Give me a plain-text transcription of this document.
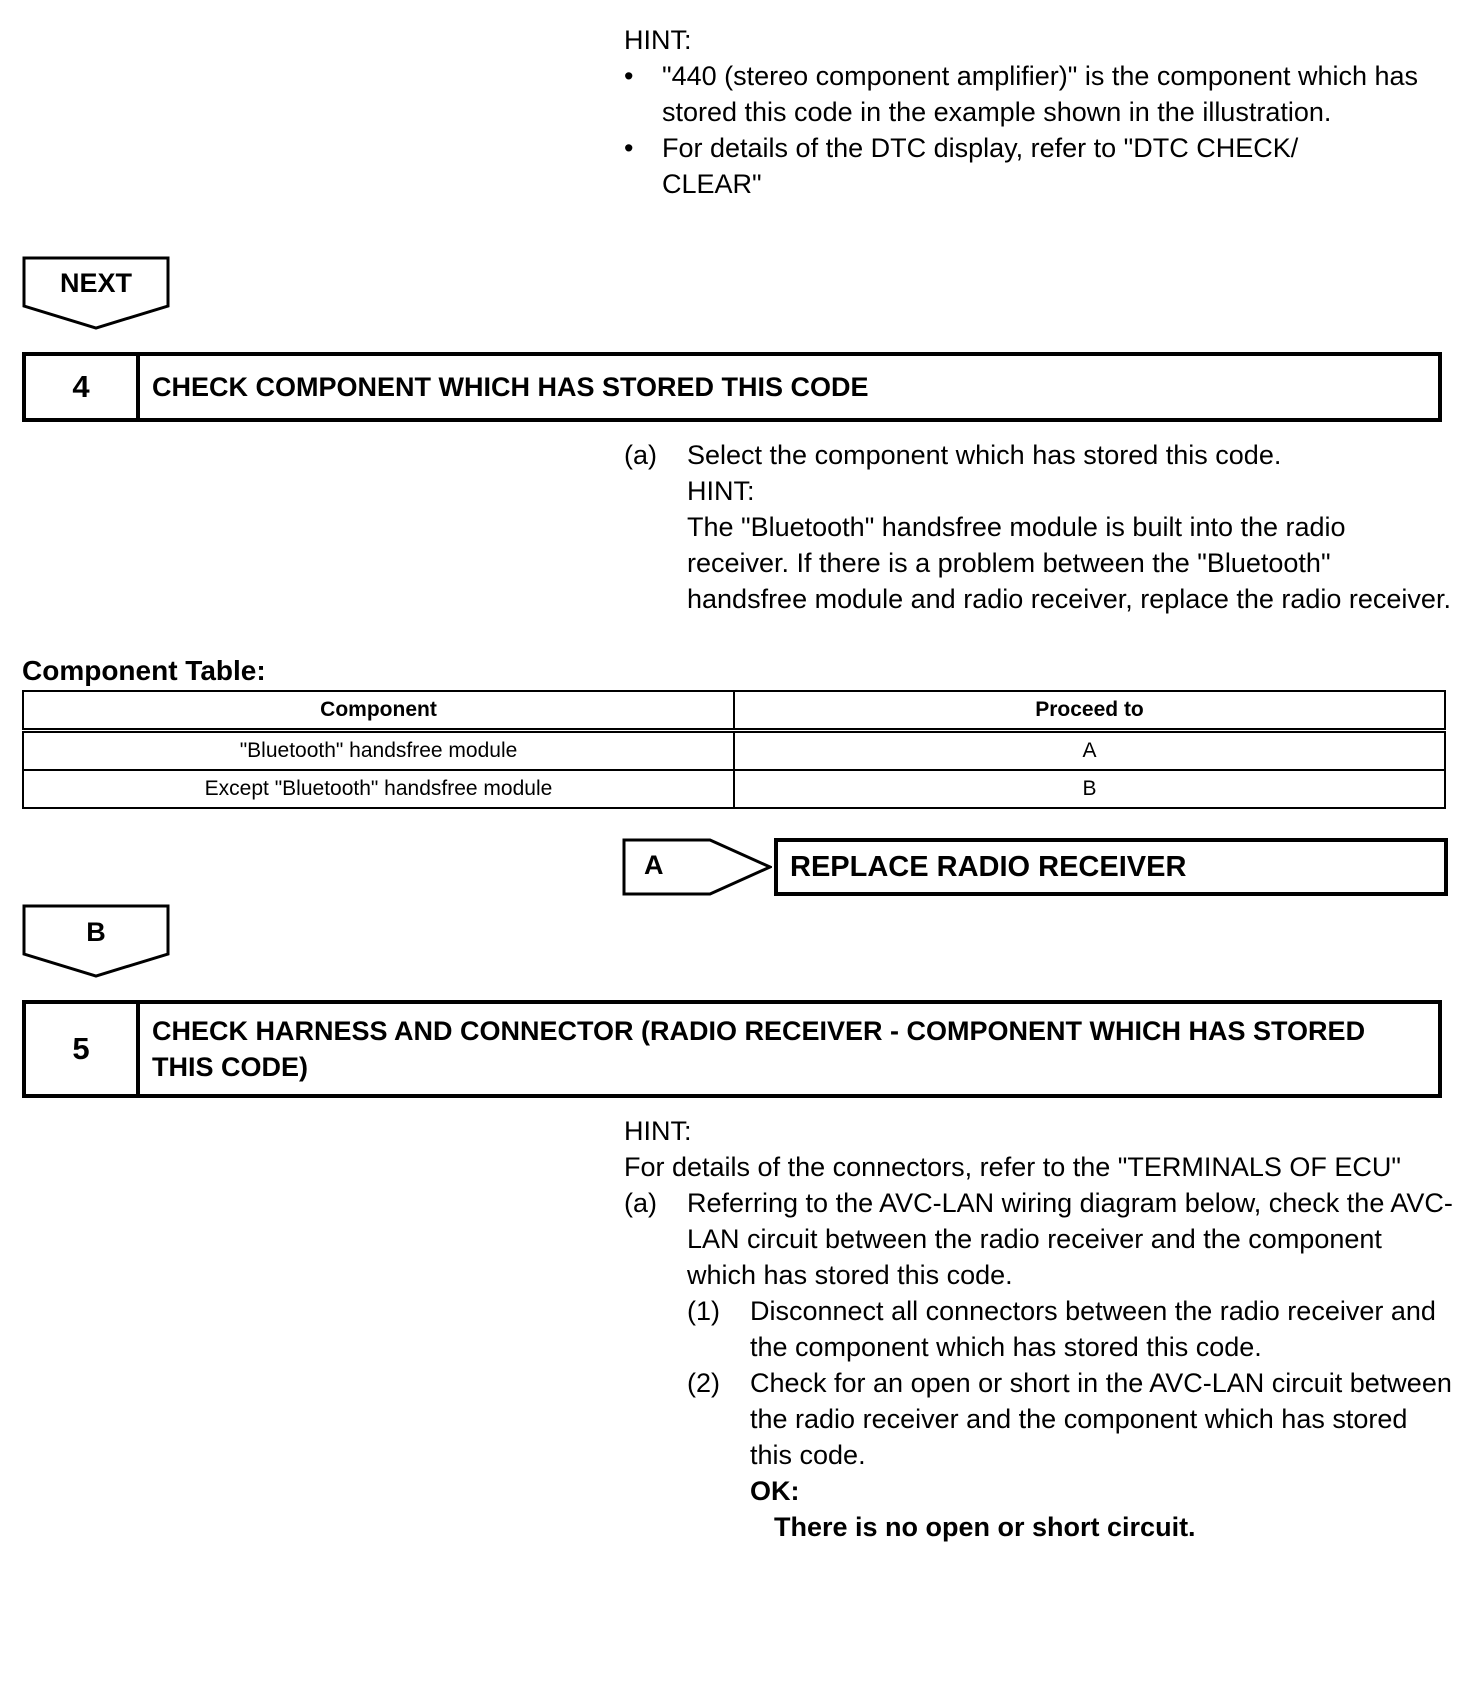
HINT:
•	"440 (stereo component amplifier)" is the component which has stored this code in the example shown in the illustration.
•	For details of the DTC display, refer to "DTC CHECK/ CLEAR"
NEXT
4	CHECK COMPONENT WHICH HAS STORED THIS CODE
(a)	Select the component which has stored this code.
HINT:
The "Bluetooth" handsfree module is built into the radio receiver. If there is a problem between the "Bluetooth" handsfree module and radio receiver, replace the radio receiver.
Component Table:
Component	Proceed to
"Bluetooth" handsfree module	A
Except "Bluetooth" handsfree module	B
A	REPLACE RADIO RECEIVER
B
5	CHECK HARNESS AND CONNECTOR (RADIO RECEIVER - COMPONENT WHICH HAS STORED THIS CODE)
HINT:
For details of the connectors, refer to the "TERMINALS OF ECU"
(a)	Referring to the AVC-LAN wiring diagram below, check the AVC-LAN circuit between the radio receiver and the component which has stored this code.
(1)	Disconnect all connectors between the radio receiver and the component which has stored this code.
(2)	Check for an open or short in the AVC-LAN circuit between the radio receiver and the component which has stored this code.
OK:
There is no open or short circuit.
